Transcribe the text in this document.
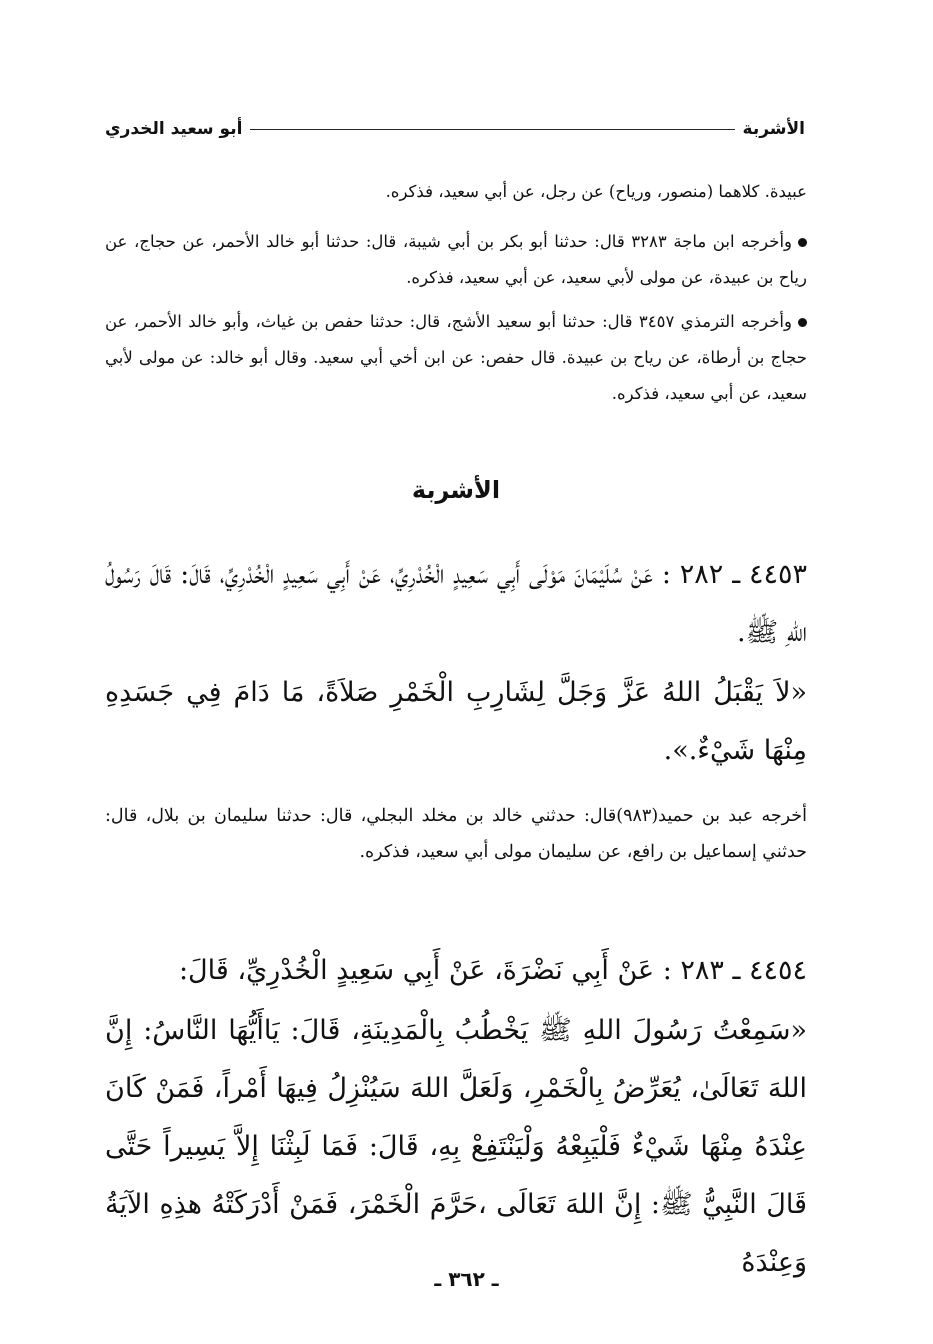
الأشربة
أبو سعيد الخدري
عبيدة. كلاهما (منصور، ورياح) عن رجل، عن أبي سعيد، فذكره.
وأخرجه ابن ماجة ٣٢٨٣ قال: حدثنا أبو بكر بن أبي شيبة، قال: حدثنا أبو خالد الأحمر، عن حجاج، عن رياح بن عبيدة، عن مولى لأبي سعيد، عن أبي سعيد، فذكره.
وأخرجه الترمذي ٣٤٥٧ قال: حدثنا أبو سعيد الأشج، قال: حدثنا حفص بن غياث، وأبو خالد الأحمر، عن حجاج بن أرطاة، عن رياح بن عبيدة. قال حفص: عن ابن أخي أبي سعيد. وقال أبو خالد: عن مولى لأبي سعيد، عن أبي سعيد، فذكره.
الأشربة
٤٤٥٣ ـ ٢٨٢ : عَنْ سُلَيْمَانَ مَوْلَى أَبِي سَعِيدٍ الْخُدْرِيِّ، عَنْ أَبِي سَعِيدٍ الْخُدْرِيِّ، قَالَ: قَالَ رَسُولُ اللهِ ﷺ.
«لاَ يَقْبَلُ اللهُ عَزَّ وَجَلَّ لِشَارِبِ الْخَمْرِ صَلاَةً، مَا دَامَ فِي جَسَدِهِ مِنْهَا شَيْءٌ.».
أخرجه عبد بن حميد(٩٨٣)قال: حدثني خالد بن مخلد البجلي، قال: حدثنا سليمان بن بلال، قال: حدثني إسماعيل بن رافع، عن سليمان مولى أبي سعيد، فذكره.
٤٤٥٤ ـ ٢٨٣ : عَنْ أَبِي نَضْرَةَ، عَنْ أَبِي سَعِيدٍ الْخُدْرِيِّ، قَالَ:
«سَمِعْتُ رَسُولَ اللهِ ﷺ يَخْطُبُ بِالْمَدِينَةِ، قَالَ: يَاأَيُّهَا النَّاسُ: إِنَّ اللهَ تَعَالَىٰ، يُعَرِّضُ بِالْخَمْرِ، وَلَعَلَّ اللهَ سَيُنْزِلُ فِيهَا أَمْراً، فَمَنْ كَانَ عِنْدَهُ مِنْهَا شَيْءٌ فَلْيَبِعْهُ وَلْيَنْتَفِعْ بِهِ، قَالَ: فَمَا لَبِثْنَا إِلاَّ يَسِيراً حَتَّى قَالَ النَّبِيُّ ﷺ: إِنَّ اللهَ تَعَالَى ،حَرَّمَ الْخَمْرَ، فَمَنْ أَدْرَكَتْهُ هذِهِ الآيَةُ وَعِنْدَهُ
ـ ٣٦٢ ـ
